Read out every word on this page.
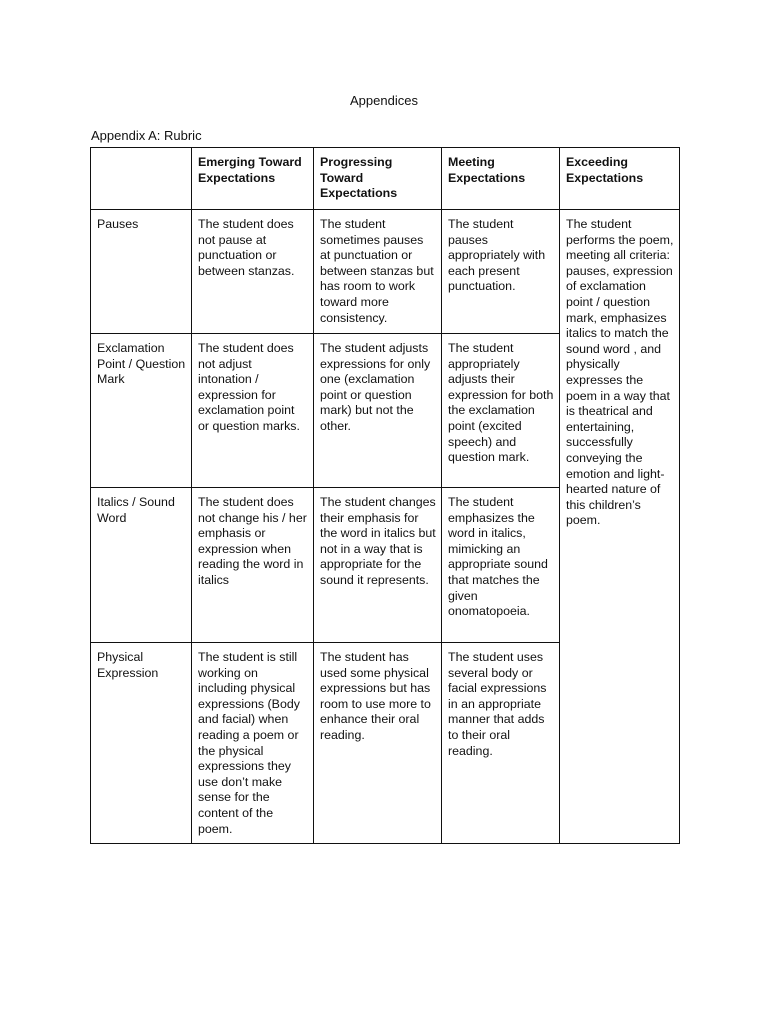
Appendices
Appendix A: Rubric
	Emerging Toward Expectations	Progressing Toward Expectations	Meeting Expectations	Exceeding Expectations
Pauses	The student does not pause at punctuation or between stanzas.	The student sometimes pauses at punctuation or between stanzas but has room to work toward more consistency.	The student pauses appropriately with each present punctuation.	The student performs the poem, meeting all criteria: pauses, expression of exclamation point / question mark, emphasizes italics to match the sound word , and physically expresses the poem in a way that is theatrical and entertaining, successfully conveying the emotion and light-hearted nature of this children’s poem.
Exclamation Point / Question Mark	The student does not adjust intonation / expression for exclamation point or question marks.	The student adjusts expressions for only one (exclamation point or question mark) but not the other.	The student appropriately adjusts their expression for both the exclamation point (excited speech) and question mark.	
Italics / Sound Word	The student does not change his / her emphasis or expression when reading the word in italics	The student changes their emphasis for the word in italics but not in a way that is appropriate for the sound it represents.	The student emphasizes the word in italics, mimicking an appropriate sound that matches the given onomatopoeia.	
Physical Expression	The student is still working on including physical expressions (Body and facial) when reading a poem or the physical expressions they use don’t make sense for the content of the poem.	The student has used some physical expressions but has room to use more to enhance their oral reading.	The student uses several body or facial expressions in an appropriate manner that adds to their oral reading.	
